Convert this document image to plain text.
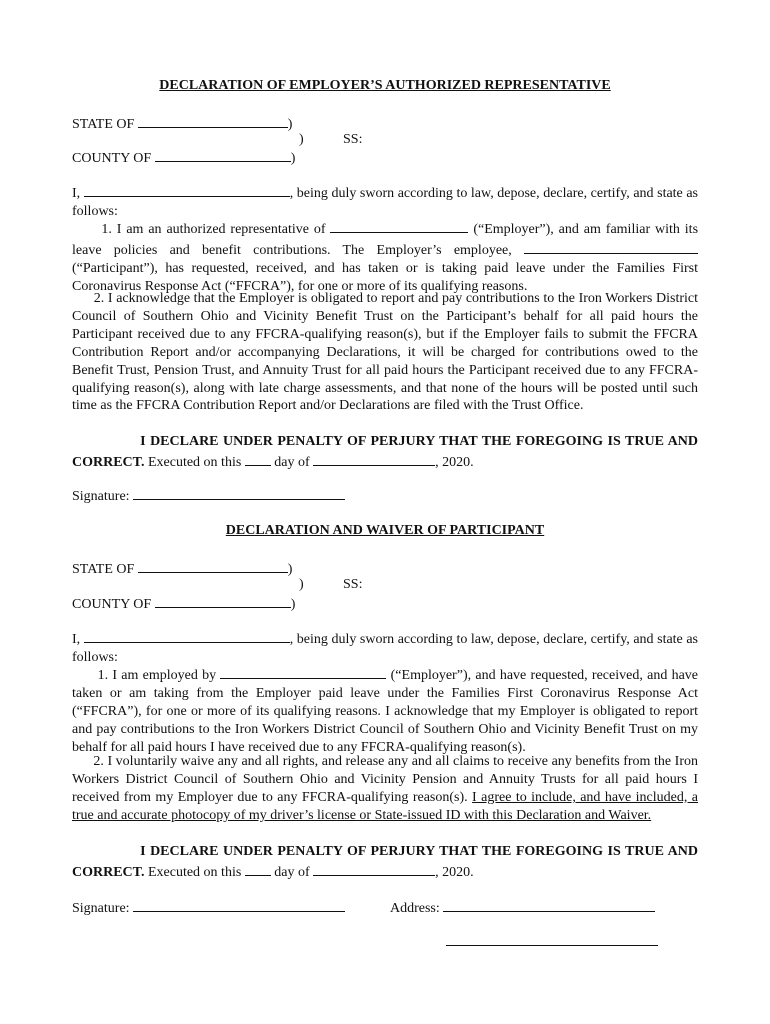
DECLARATION OF EMPLOYER’S AUTHORIZED REPRESENTATIVE
STATE OF	)
)	SS:
COUNTY OF	)

I,	, being duly sworn according to law, depose, declare, certify, and state as follows:

1. I am an authorized representative of	(“Employer”), and am familiar with its leave policies and benefit contributions. The Employer’s employee,  (“Participant”), has requested, received, and has taken or is taking paid leave under the Families First Coronavirus Response Act (“FFCRA”), for one or more of its qualifying reasons.

2. I acknowledge that the Employer is obligated to report and pay contributions to the Iron Workers District Council of Southern Ohio and Vicinity Benefit Trust on the Participant’s behalf for all paid hours the Participant received due to any FFCRA-qualifying reason(s), but if the Employer fails to submit the FFCRA Contribution Report and/or accompanying Declarations, it will be charged for contributions owed to the Benefit Trust, Pension Trust, and Annuity Trust for all paid hours the Participant received due to any FFCRA-qualifying reason(s), along with late charge assessments, and that none of the hours will be posted until such time as the FFCRA Contribution Report and/or Declarations are filed with the Trust Office.

I DECLARE UNDER PENALTY OF PERJURY THAT THE FOREGOING IS TRUE AND CORRECT. Executed on this day of	, 2020.

Signature:
DECLARATION AND WAIVER OF PARTICIPANT
STATE OF	)
)	SS:
COUNTY OF	)

I,	, being duly sworn according to law, depose, declare, certify, and state as follows:

1. I am employed by	(“Employer”), and have requested, received, and have taken or am taking from the Employer paid leave under the Families First Coronavirus Response Act (“FFCRA”), for one or more of its qualifying reasons. I acknowledge that my Employer is obligated to report and pay contributions to the Iron Workers District Council of Southern Ohio and Vicinity Benefit Trust on my behalf for all paid hours I have received due to any FFCRA-qualifying reason(s).

2. I voluntarily waive any and all rights, and release any and all claims to receive any benefits from the Iron Workers District Council of Southern Ohio and Vicinity Pension and Annuity Trusts for all paid hours I received from my Employer due to any FFCRA-qualifying reason(s). I agree to include, and have included, a true and accurate photocopy of my driver’s license or State-issued ID with this Declaration and Waiver.

I DECLARE UNDER PENALTY OF PERJURY THAT THE FOREGOING IS TRUE AND CORRECT. Executed on this day of	, 2020.

Signature:	Address:
